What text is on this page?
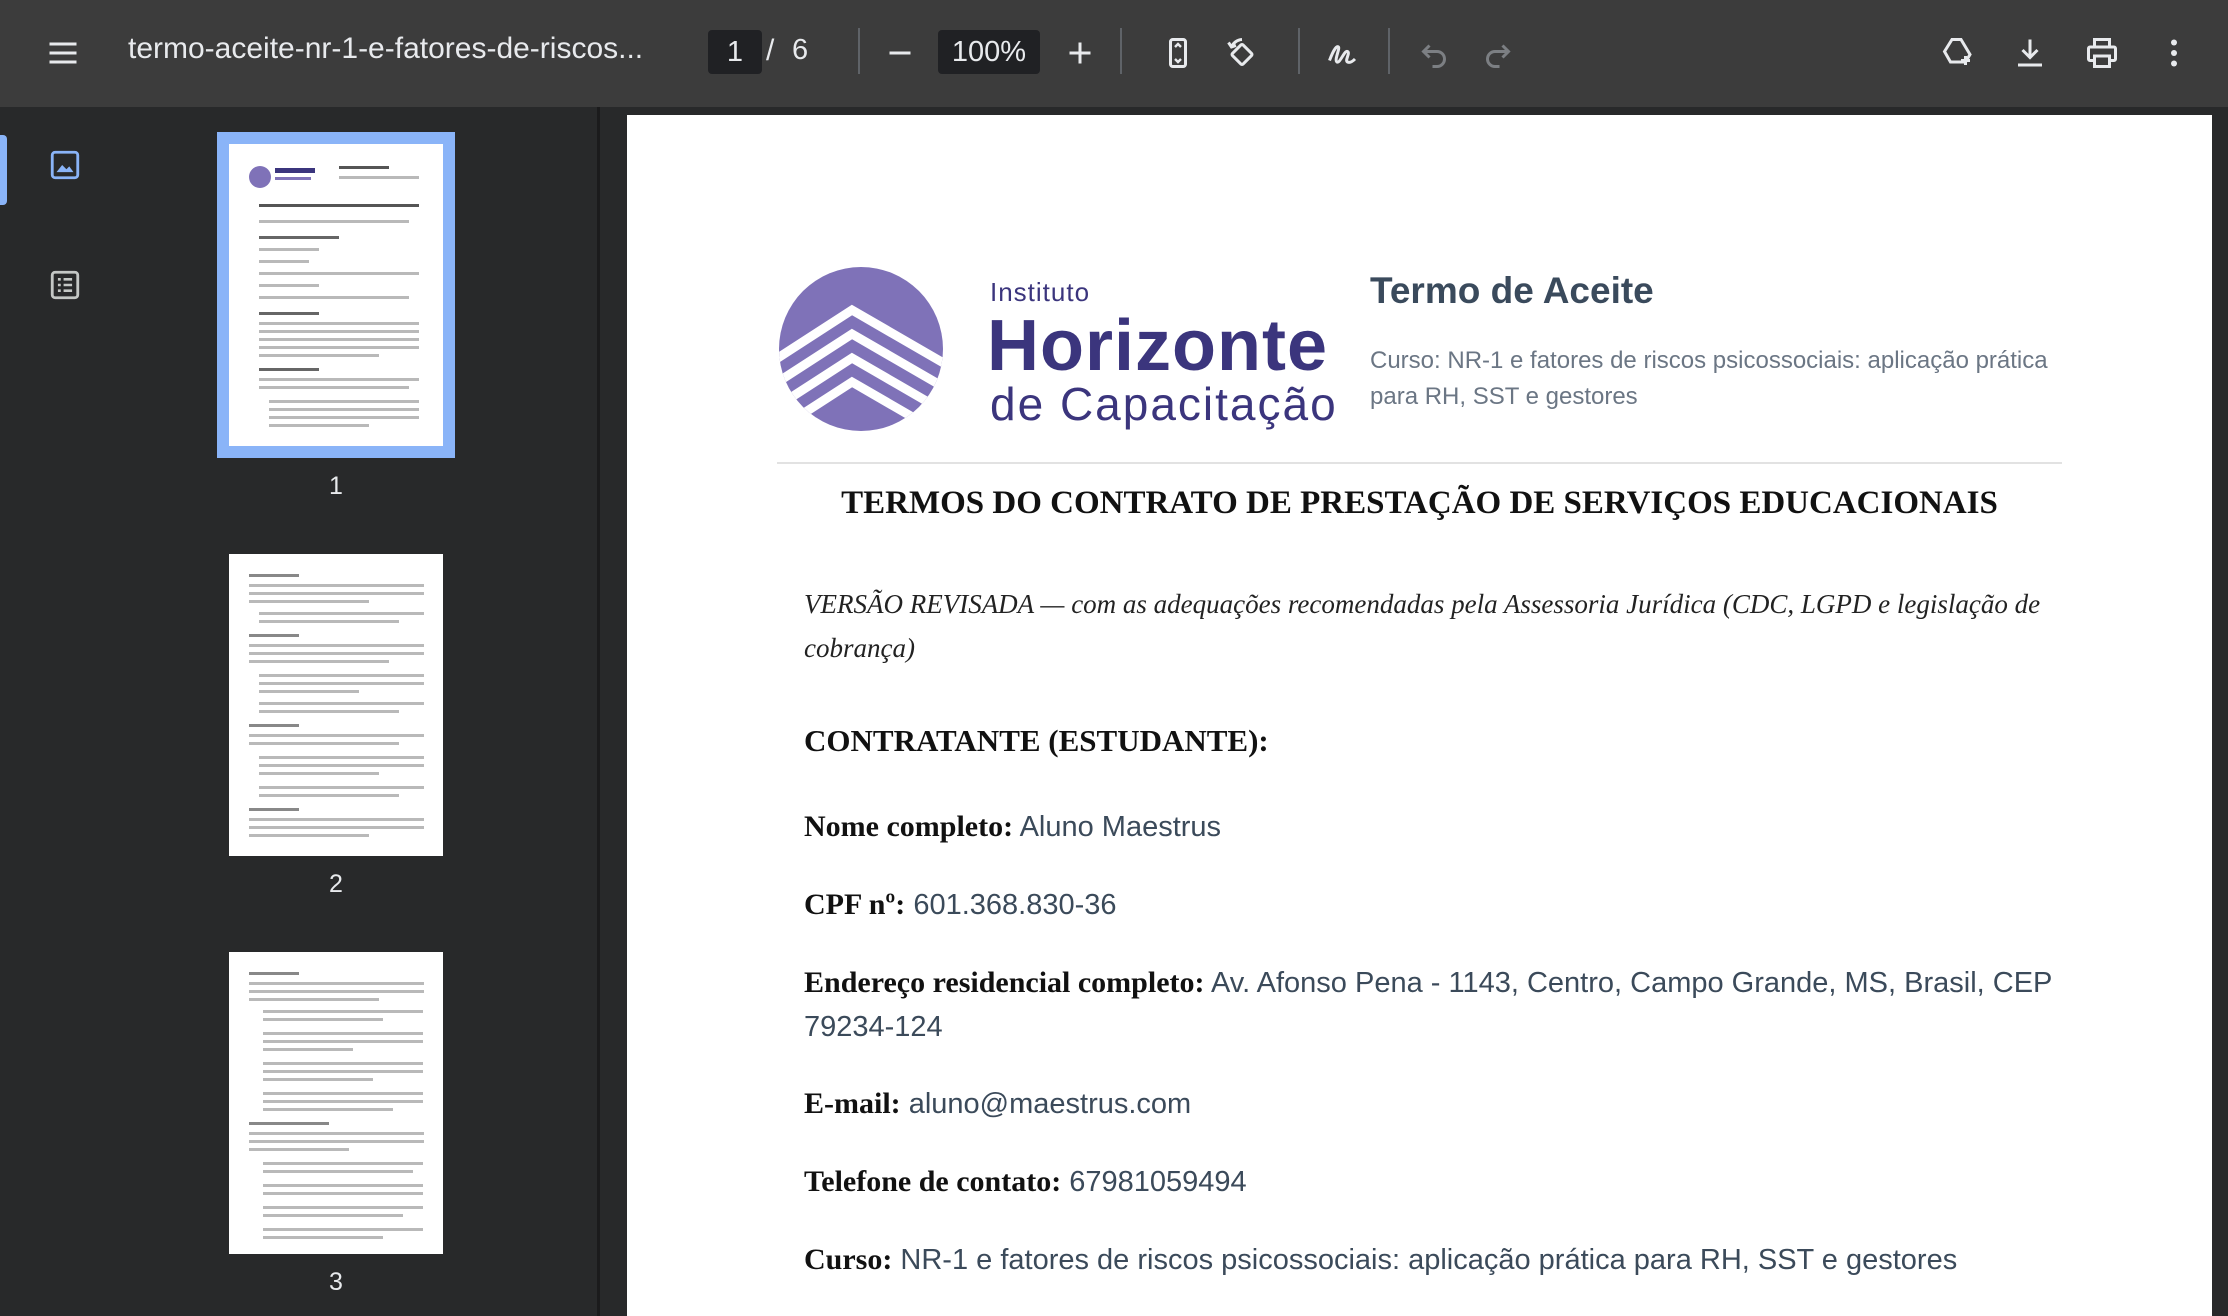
termo-aceite-nr-1-e-fatores-de-riscos...	1 / 6	100%
1
2
3
Instituto
Horizonte
de Capacitação
Termo de Aceite
Curso: NR-1 e fatores de riscos psicossociais: aplicação prática para RH, SST e gestores
TERMOS DO CONTRATO DE PRESTAÇÃO DE SERVIÇOS EDUCACIONAIS
VERSÃO REVISADA — com as adequações recomendadas pela Assessoria Jurídica (CDC, LGPD e legislação de cobrança)
CONTRATANTE (ESTUDANTE):
Nome completo: Aluno Maestrus
CPF nº: 601.368.830-36
Endereço residencial completo: Av. Afonso Pena - 1143, Centro, Campo Grande, MS, Brasil, CEP 79234-124
E-mail: aluno@maestrus.com
Telefone de contato: 67981059494
Curso: NR-1 e fatores de riscos psicossociais: aplicação prática para RH, SST e gestores
